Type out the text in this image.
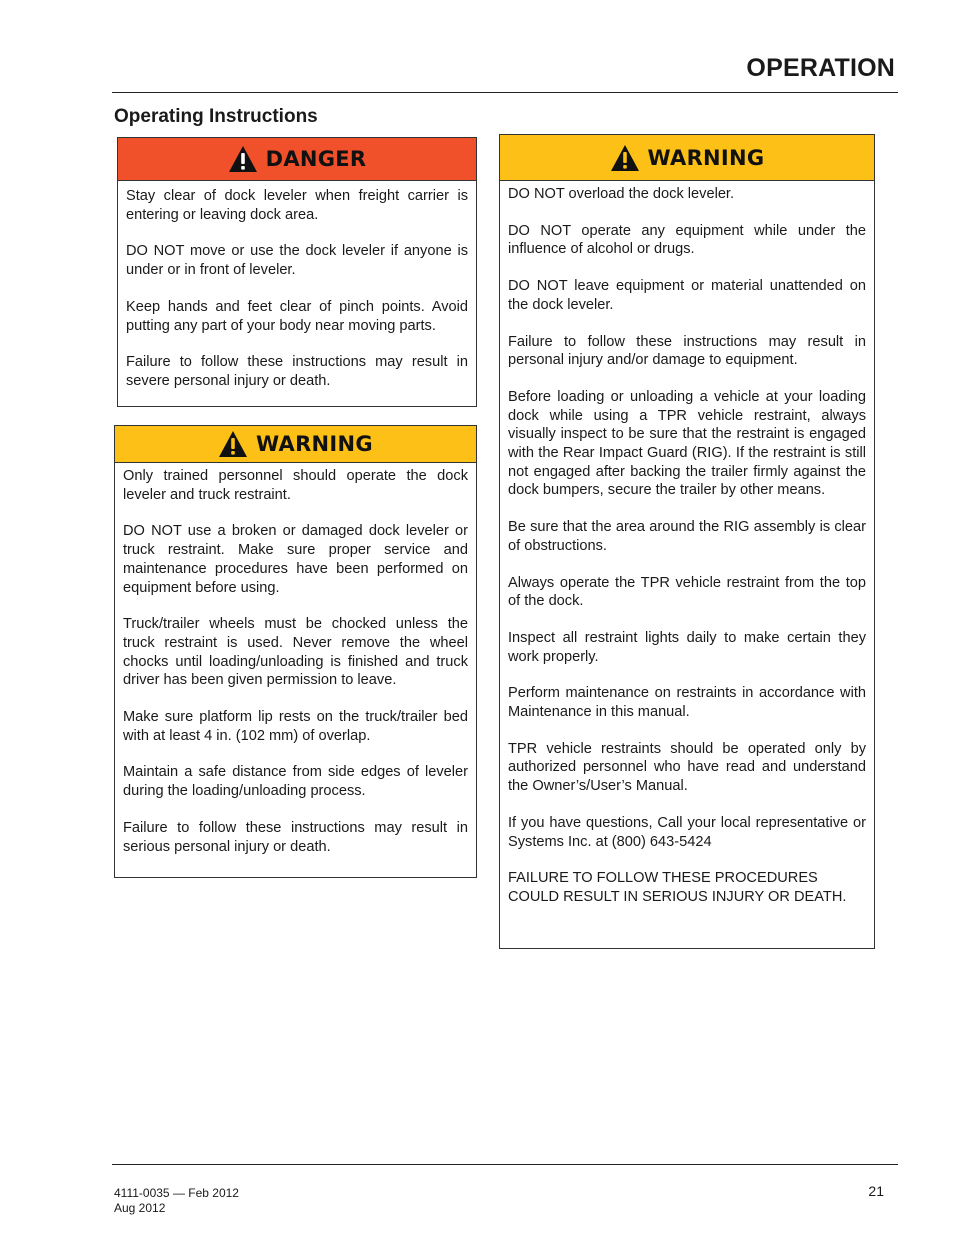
OPERATION
Operating Instructions
DANGER

Stay clear of dock leveler when freight carrier is entering or leaving dock area.

DO NOT move or use the dock leveler if anyone is under or in front of leveler.

Keep hands and feet clear of pinch points. Avoid putting any part of your body near moving parts.

Failure to follow these instructions may result in severe personal injury or death.

WARNING

Only trained personnel should operate the dock leveler and truck restraint.

DO NOT use a broken or damaged dock leveler or truck restraint. Make sure proper service and maintenance procedures have been performed on equipment before using.

Truck/trailer wheels must be chocked unless the truck restraint is used. Never remove the wheel chocks until loading/unloading is finished and truck driver has been given permission to leave.

Make sure platform lip rests on the truck/trailer bed with at least 4 in. (102 mm) of overlap.

Maintain a safe distance from side edges of leveler during the loading/unloading process.

Failure to follow these instructions may result in serious personal injury or death.

WARNING

DO NOT overload the dock leveler.

DO NOT operate any equipment while under the influence of alcohol or drugs.

DO NOT leave equipment or material unattended on the dock leveler.

Failure to follow these instructions may result in personal injury and/or damage to equipment.

Before loading or unloading a vehicle at your loading dock while using a TPR vehicle restraint, always visually inspect to be sure that the restraint is engaged with the Rear Impact Guard (RIG). If the restraint is still not engaged after backing the trailer firmly against the dock bumpers, secure the trailer by other means.

Be sure that the area around the RIG assembly is clear of obstructions.

Always operate the TPR vehicle restraint from the top of the dock.

Inspect all restraint lights daily to make certain they work properly.

Perform maintenance on restraints in accordance with Maintenance in this manual.

TPR vehicle restraints should be operated only by authorized personnel who have read and understand the Owner’s/User’s Manual.

If you have questions, Call your local representative or Systems Inc. at (800) 643-5424

FAILURE TO FOLLOW THESE PROCEDURES COULD RESULT IN SERIOUS INJURY OR DEATH.

4111-0035 — Feb 2012
Aug 2012
21
